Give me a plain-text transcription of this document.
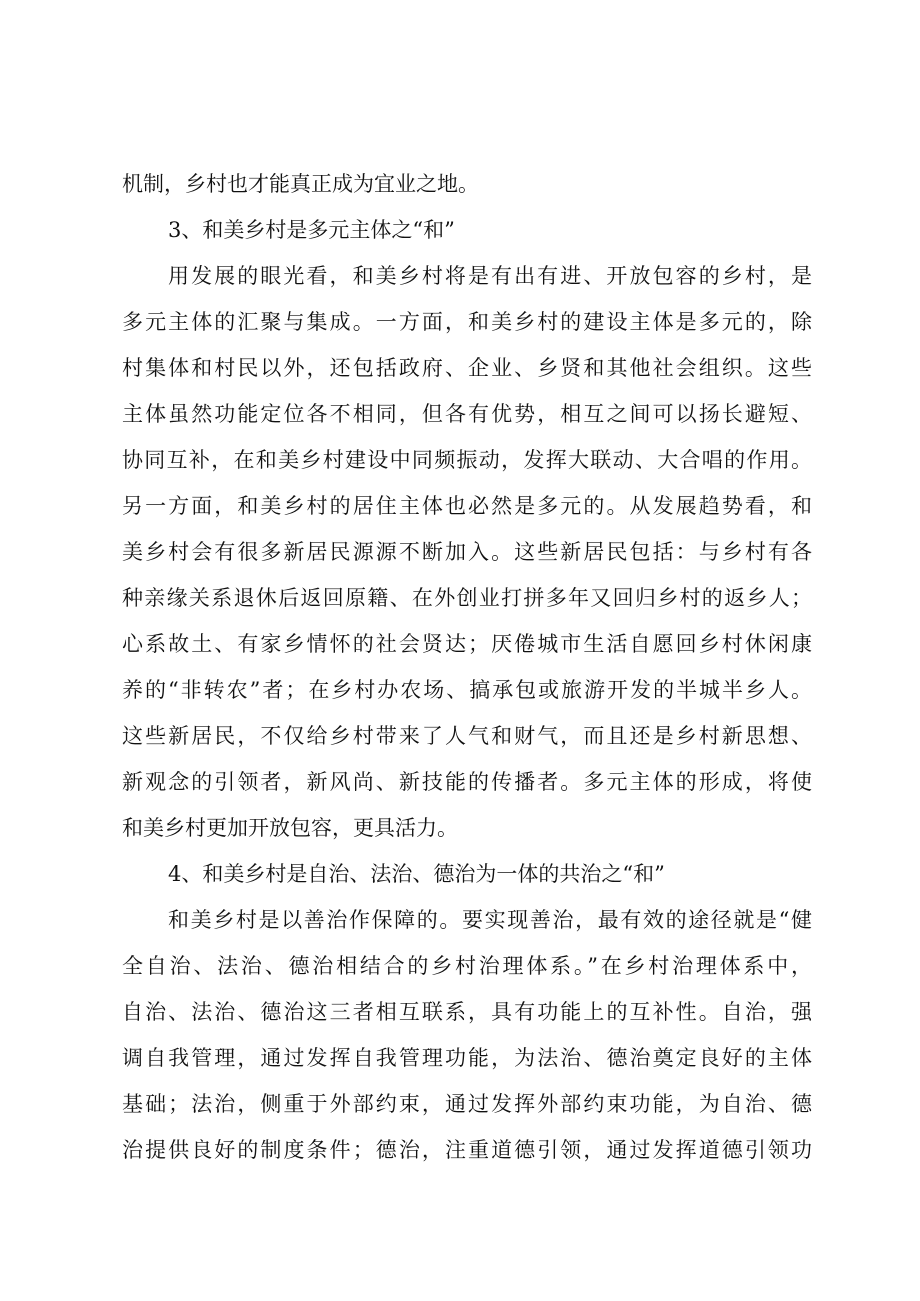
机制，乡村也才能真正成为宜业之地。
3、和美乡村是多元主体之“和”
用发展的眼光看，和美乡村将是有出有进、开放包容的乡村，是
多元主体的汇聚与集成。一方面，和美乡村的建设主体是多元的，除
村集体和村民以外，还包括政府、企业、乡贤和其他社会组织。这些
主体虽然功能定位各不相同，但各有优势，相互之间可以扬长避短、
协同互补，在和美乡村建设中同频振动，发挥大联动、大合唱的作用。
另一方面，和美乡村的居住主体也必然是多元的。从发展趋势看，和
美乡村会有很多新居民源源不断加入。这些新居民包括：与乡村有各
种亲缘关系退休后返回原籍、在外创业打拼多年又回归乡村的返乡人；
心系故土、有家乡情怀的社会贤达；厌倦城市生活自愿回乡村休闲康
养的“非转农”者；在乡村办农场、搞承包或旅游开发的半城半乡人。
这些新居民，不仅给乡村带来了人气和财气，而且还是乡村新思想、
新观念的引领者，新风尚、新技能的传播者。多元主体的形成，将使
和美乡村更加开放包容，更具活力。
4、和美乡村是自治、法治、德治为一体的共治之“和”
和美乡村是以善治作保障的。要实现善治，最有效的途径就是“健
全自治、法治、德治相结合的乡村治理体系。”在乡村治理体系中，
自治、法治、德治这三者相互联系，具有功能上的互补性。自治，强
调自我管理，通过发挥自我管理功能，为法治、德治奠定良好的主体
基础；法治，侧重于外部约束，通过发挥外部约束功能，为自治、德
治提供良好的制度条件；德治，注重道德引领，通过发挥道德引领功
